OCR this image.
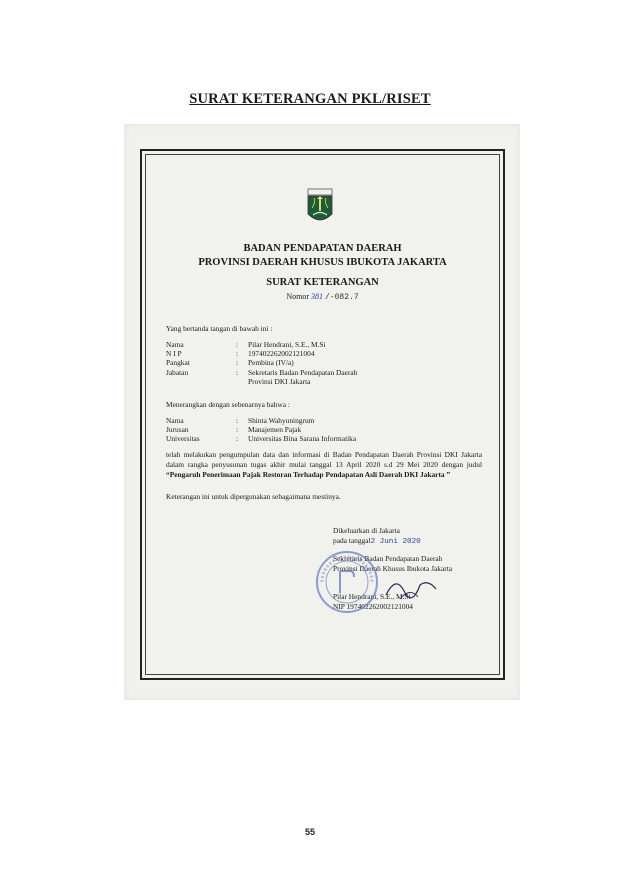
SURAT KETERANGAN PKL/RISET
BADAN PENDAPATAN DAERAH
PROVINSI DAERAH KHUSUS IBUKOTA JAKARTA
SURAT KETERANGAN
Nomor 381 /-082.7
Yang bertanda tangan di bawah ini :
Nama	:	Pilar Hendrani, S.E., M.Si
N I P	:	197402262002121004
Pangkat	:	Pembina (IV/a)
Jabatan	:	Sekretaris Badan Pendapatan Daerah
Provinsi DKI Jakarta
Menerangkan dengan sebenarnya bahwa :
Nama	:	Shinta Wahyuningrum
Jurusan	:	Manajemen Pajak
Universitas	:	Universitas Bina Sarana Informatika
telah melakukan pengumpulan data dan informasi di Badan Pendapatan Daerah Provinsi DKI Jakarta dalam rangka penyusunan tugas akhir mulai tanggal 13 April 2020 s.d 29 Mei 2020 dengan judul “Pengaruh Penerimaan Pajak Restoran Terhadap Pendapatan Asli Daerah DKI Jakarta ”
Keterangan ini untuk dipergunakan sebagaimana mestinya.
Dikeluarkan di Jakarta
pada tanggal2 Juni 2020
Sekretaris Badan Pendapatan Daerah
Provinsi Daerah Khusus Ibukota Jakarta
Pilar Hendrani, S.E., M.Si
NIP 197402262002121004
55
